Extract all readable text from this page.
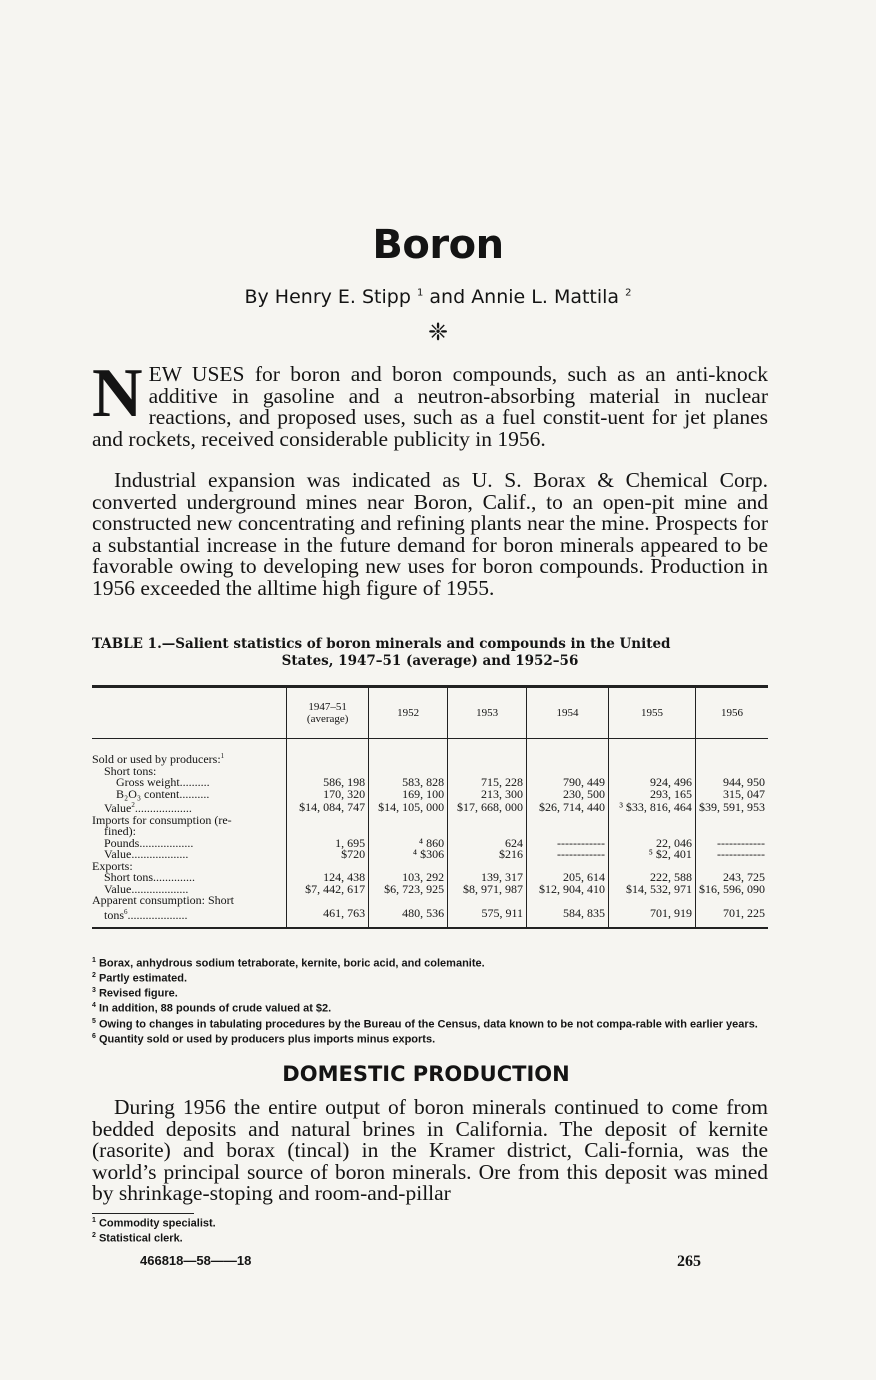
Boron
By Henry E. Stipp $^1$ and Annie L. Mattila $^2$
❈
N EW USES for boron and boron compounds, such as an anti-knock additive in gasoline and a neutron-absorbing material in nuclear reactions, and proposed uses, such as a fuel constit-uent for jet planes and rockets, received considerable publicity in 1956.
Industrial expansion was indicated as U. S. Borax & Chemical Corp. converted underground mines near Boron, Calif., to an open-pit mine and constructed new concentrating and refining plants near the mine. Prospects for a substantial increase in the future demand for boron minerals appeared to be favorable owing to developing new uses for boron compounds. Production in 1956 exceeded the alltime high figure of 1955.
TABLE 1.—Salient statistics of boron minerals and compounds in the United
States, 1947–51 (average) and 1952–56
	1947–51 (average)	1952	1953	1954	1955	1956

Sold or used by producers:$^1$						
Short tons:						
Gross weight..........	586, 198	583, 828	715, 228	790, 449	924, 496	944, 950
B₂O₃ content..........	170, 320	169, 100	213, 300	230, 500	293, 165	315, 047
Value$^2$...................	$14, 084, 747	$14, 105, 000	$17, 668, 000	$26, 714, 440	³ $33, 816, 464	$39, 591, 953
Imports for consumption (re-						
fined):						
Pounds..................	1, 695	⁴ 860	624	------------	22, 046	------------
Value...................	$720	⁴ $306	$216	------------	⁵ $2, 401	------------
Exports:						
Short tons..............	124, 438	103, 292	139, 317	205, 614	222, 588	243, 725
Value...................	$7, 442, 617	$6, 723, 925	$8, 971, 987	$12, 904, 410	$14, 532, 971	$16, 596, 090
Apparent consumption: Short						
tons$^6$....................	461, 763	480, 536	575, 911	584, 835	701, 919	701, 225
$^1$ Borax, anhydrous sodium tetraborate, kernite, boric acid, and colemanite.
$^2$ Partly estimated.
$^3$ Revised figure.
$^4$ In addition, 88 pounds of crude valued at $2.
$^5$ Owing to changes in tabulating procedures by the Bureau of the Census, data known to be not compa-rable with earlier years.
$^6$ Quantity sold or used by producers plus imports minus exports.
DOMESTIC PRODUCTION
During 1956 the entire output of boron minerals continued to come from bedded deposits and natural brines in California. The deposit of kernite (rasorite) and borax (tincal) in the Kramer district, Cali-fornia, was the world’s principal source of boron minerals. Ore from this deposit was mined by shrinkage-stoping and room-and-pillar
$^1$ Commodity specialist.
$^2$ Statistical clerk.
466818—58——18	265
